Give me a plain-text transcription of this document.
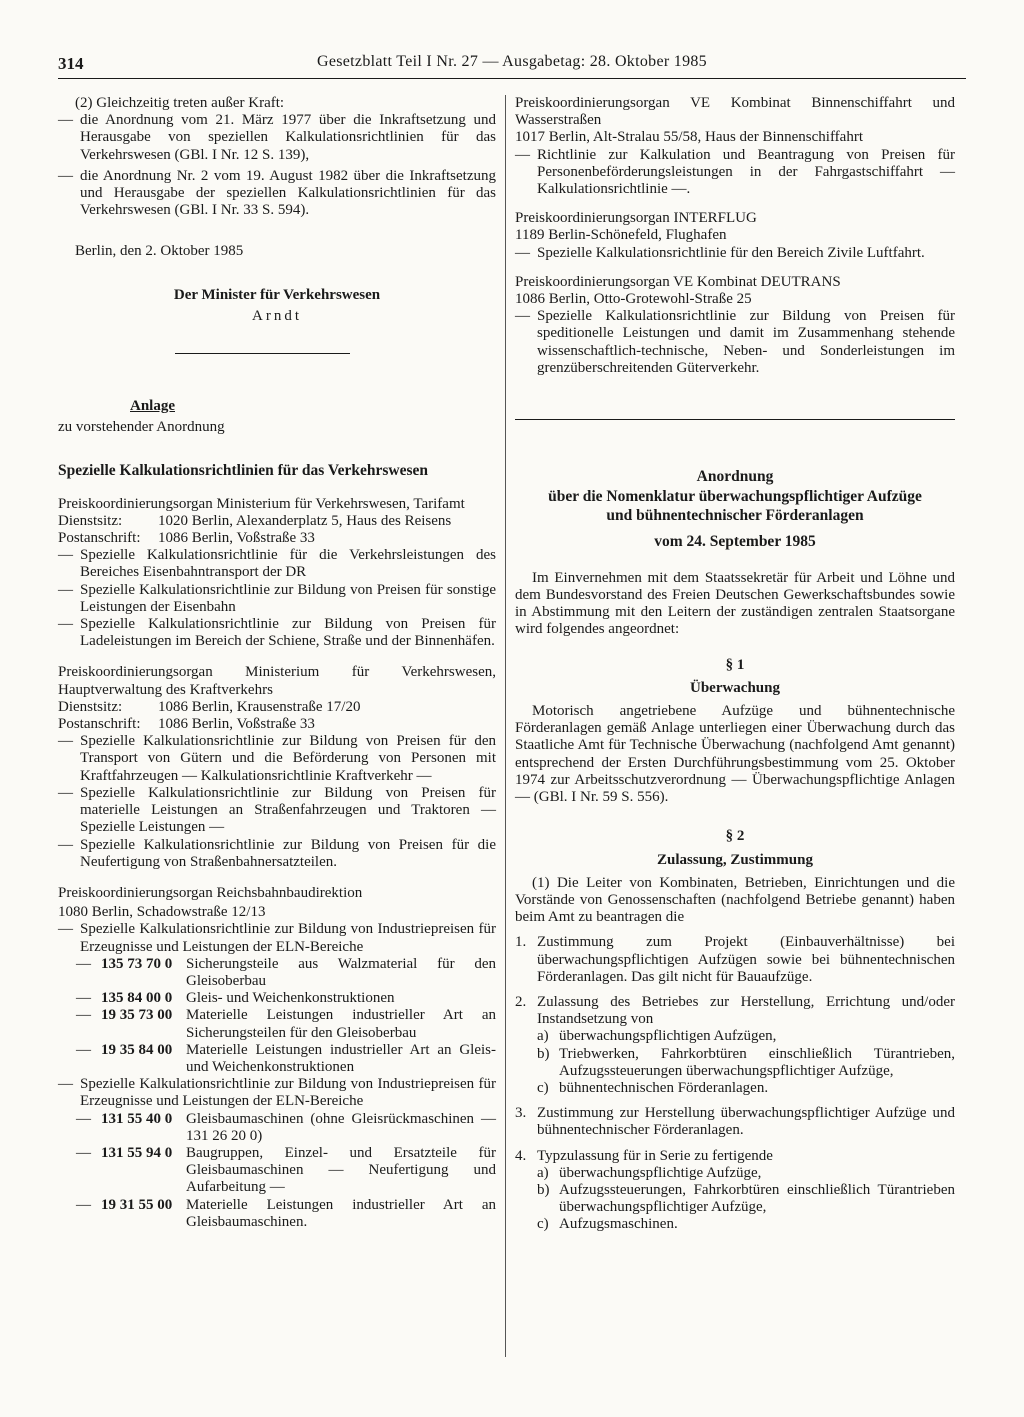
314	Gesetzblatt Teil I Nr. 27 — Ausgabetag: 28. Oktober 1985

(2) Gleichzeitig treten außer Kraft:

— die Anordnung vom 21. März 1977 über die Inkraftsetzung und Herausgabe von speziellen Kalkulationsrichtlinien für das Verkehrswesen (GBl. I Nr. 12 S. 139),
— die Anordnung Nr. 2 vom 19. August 1982 über die Inkraftsetzung und Herausgabe der speziellen Kalkulationsrichtlinien für das Verkehrswesen (GBl. I Nr. 33 S. 594).

Berlin, den 2. Oktober 1985

Der Minister für Verkehrswesen

Arndt

Anlage

zu vorstehender Anordnung

Spezielle Kalkulationsrichtlinien für das Verkehrswesen

Preiskoordinierungsorgan Ministerium für Verkehrswesen, Tarifamt

Dienstsitz:	1020 Berlin, Alexanderplatz 5, Haus des Reisens
Postanschrift:	1086 Berlin, Voßstraße 33
— Spezielle Kalkulationsrichtlinie für die Verkehrsleistungen des Bereiches Eisenbahntransport der DR
— Spezielle Kalkulationsrichtlinie zur Bildung von Preisen für sonstige Leistungen der Eisenbahn
— Spezielle Kalkulationsrichtlinie zur Bildung von Preisen für Ladeleistungen im Bereich der Schiene, Straße und der Binnenhäfen.

Preiskoordinierungsorgan Ministerium für Verkehrswesen, Hauptverwaltung des Kraftverkehrs

Dienstsitz:	1086 Berlin, Krausenstraße 17/20
Postanschrift:	1086 Berlin, Voßstraße 33
— Spezielle Kalkulationsrichtlinie zur Bildung von Preisen für den Transport von Gütern und die Beförderung von Personen mit Kraftfahrzeugen — Kalkulationsrichtlinie Kraftverkehr —
— Spezielle Kalkulationsrichtlinie zur Bildung von Preisen für materielle Leistungen an Straßenfahrzeugen und Traktoren — Spezielle Leistungen —
— Spezielle Kalkulationsrichtlinie zur Bildung von Preisen für die Neufertigung von Straßenbahnersatzteilen.

Preiskoordinierungsorgan Reichsbahnbaudirektion

1080 Berlin, Schadowstraße 12/13

— Spezielle Kalkulationsrichtlinie zur Bildung von Industriepreisen für Erzeugnisse und Leistungen der ELN-Bereiche
— 135 73 70 0 Sicherungsteile aus Walzmaterial für den Gleisoberbau
— 135 84 00 0 Gleis- und Weichenkonstruktionen
— 19 35 73 00 Materielle Leistungen industrieller Art an Sicherungsteilen für den Gleisoberbau
— 19 35 84 00 Materielle Leistungen industrieller Art an Gleis- und Weichenkonstruktionen
— Spezielle Kalkulationsrichtlinie zur Bildung von Industriepreisen für Erzeugnisse und Leistungen der ELN-Bereiche
— 131 55 40 0 Gleisbaumaschinen (ohne Gleisrückmaschinen — 131 26 20 0)
— 131 55 94 0 Baugruppen, Einzel- und Ersatzteile für Gleisbaumaschinen — Neufertigung und Aufarbeitung —
— 19 31 55 00 Materielle Leistungen industrieller Art an Gleisbaumaschinen.

Preiskoordinierungsorgan VE Kombinat Binnenschiffahrt und Wasserstraßen

1017 Berlin, Alt-Stralau 55/58, Haus der Binnenschiffahrt

— Richtlinie zur Kalkulation und Beantragung von Preisen für Personenbeförderungsleistungen in der Fahrgastschiffahrt — Kalkulationsrichtlinie —.

Preiskoordinierungsorgan INTERFLUG

1189 Berlin-Schönefeld, Flughafen

— Spezielle Kalkulationsrichtlinie für den Bereich Zivile Luftfahrt.

Preiskoordinierungsorgan VE Kombinat DEUTRANS

1086 Berlin, Otto-Grotewohl-Straße 25

— Spezielle Kalkulationsrichtlinie zur Bildung von Preisen für speditionelle Leistungen und damit im Zusammenhang stehende wissenschaftlich-technische, Neben- und Sonderleistungen im grenzüberschreitenden Güterverkehr.

Anordnung

über die Nomenklatur überwachungspflichtiger Aufzüge

und bühnentechnischer Förderanlagen

vom 24. September 1985

Im Einvernehmen mit dem Staatssekretär für Arbeit und Löhne und dem Bundesvorstand des Freien Deutschen Gewerkschaftsbundes sowie in Abstimmung mit den Leitern der zuständigen zentralen Staatsorgane wird folgendes angeordnet:

§ 1

Überwachung

Motorisch angetriebene Aufzüge und bühnentechnische Förderanlagen gemäß Anlage unterliegen einer Überwachung durch das Staatliche Amt für Technische Überwachung (nachfolgend Amt genannt) entsprechend der Ersten Durchführungsbestimmung vom 25. Oktober 1974 zur Arbeitsschutzverordnung — Überwachungspflichtige Anlagen — (GBl. I Nr. 59 S. 556).

§ 2

Zulassung, Zustimmung

(1) Die Leiter von Kombinaten, Betrieben, Einrichtungen und die Vorstände von Genossenschaften (nachfolgend Betriebe genannt) haben beim Amt zu beantragen die

1. Zustimmung zum Projekt (Einbauverhältnisse) bei überwachungspflichtigen Aufzügen sowie bei bühnentechnischen Förderanlagen. Das gilt nicht für Bauaufzüge.
2. Zulassung des Betriebes zur Herstellung, Errichtung und/oder Instandsetzung von
a) überwachungspflichtigen Aufzügen,
b) Triebwerken, Fahrkorbtüren einschließlich Türantrieben, Aufzugssteuerungen überwachungspflichtiger Aufzüge,
c) bühnentechnischen Förderanlagen.
3. Zustimmung zur Herstellung überwachungspflichtiger Aufzüge und bühnentechnischer Förderanlagen.
4. Typzulassung für in Serie zu fertigende
a) überwachungspflichtige Aufzüge,
b) Aufzugssteuerungen, Fahrkorbtüren einschließlich Türantrieben überwachungspflichtiger Aufzüge,
c) Aufzugsmaschinen.
